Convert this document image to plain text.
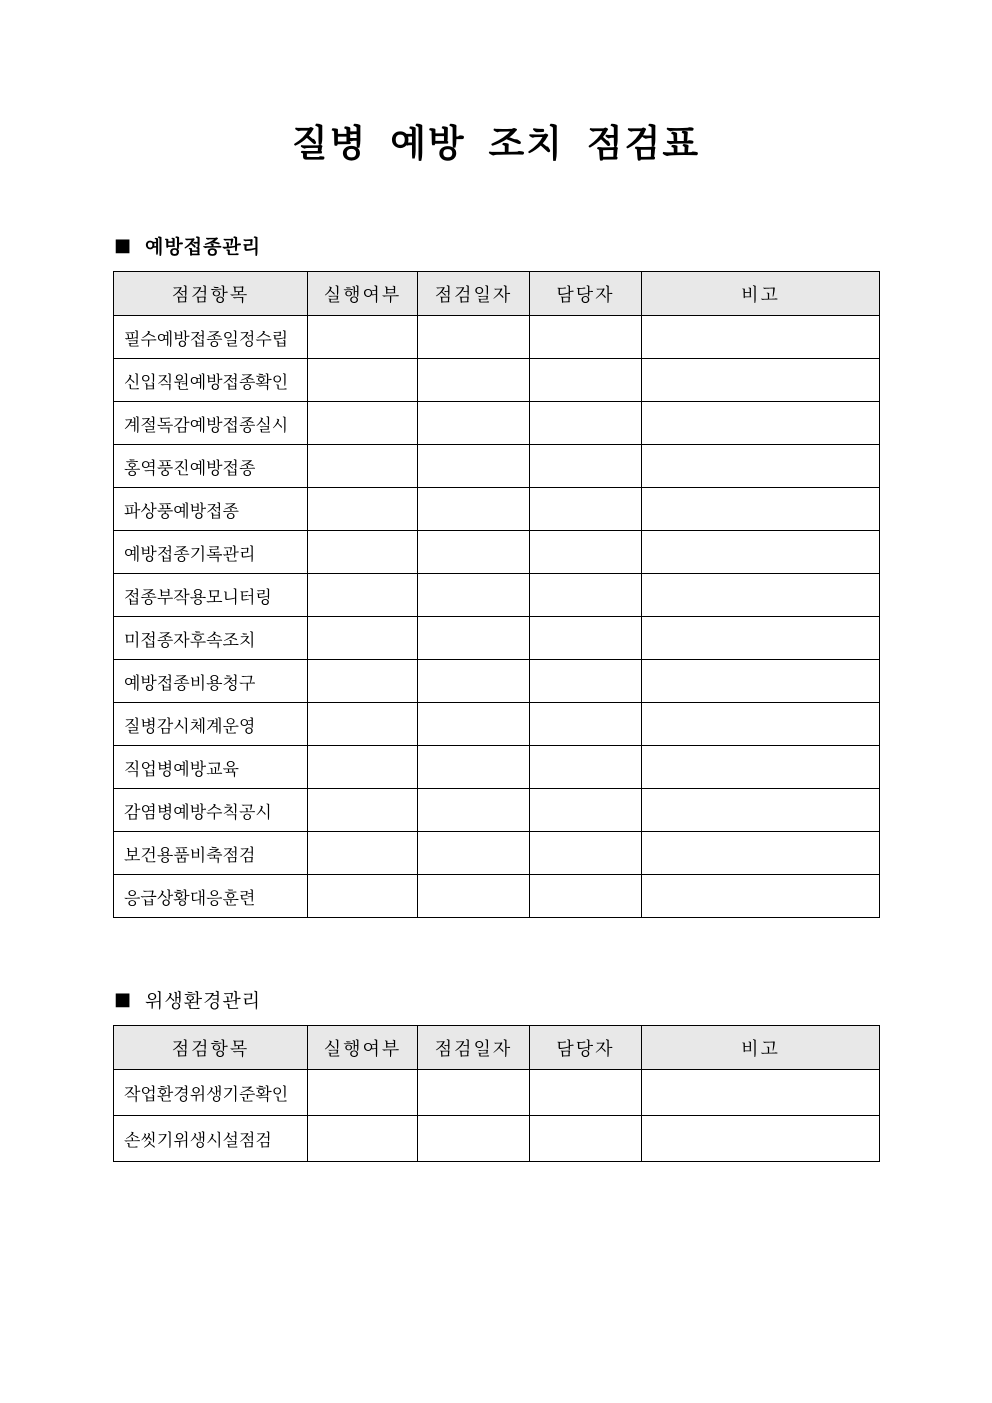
질병 예방 조치 점검표
■ 예방접종관리
점검항목	실행여부	점검일자	담당자	비고
필수예방접종일정수립				
신입직원예방접종확인				
계절독감예방접종실시				
홍역풍진예방접종				
파상풍예방접종				
예방접종기록관리				
접종부작용모니터링				
미접종자후속조치				
예방접종비용청구				
질병감시체계운영				
직업병예방교육				
감염병예방수칙공시				
보건용품비축점검				
응급상황대응훈련				
■ 위생환경관리
점검항목	실행여부	점검일자	담당자	비고
작업환경위생기준확인				
손씻기위생시설점검				
